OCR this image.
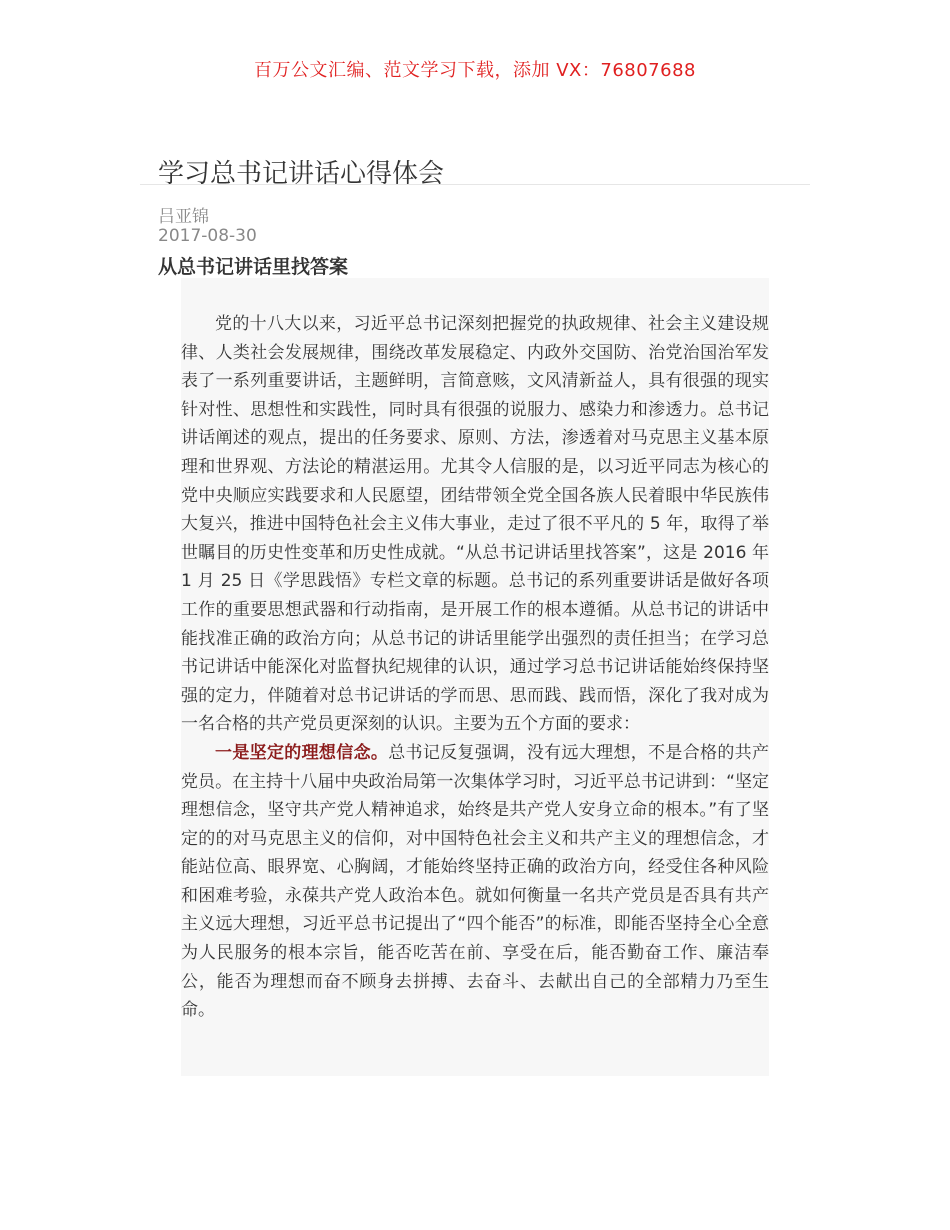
百万公文汇编、范文学习下载，添加 VX：76807688
学习总书记讲话心得体会
吕亚锦
2017-08-30
从总书记讲话里找答案

党的十八大以来，习近平总书记深刻把握党的执政规律、社会主义建设规律、人类社会发展规律，围绕改革发展稳定、内政外交国防、治党治国治军发表了一系列重要讲话，主题鲜明，言简意赅，文风清新益人，具有很强的现实针对性、思想性和实践性，同时具有很强的说服力、感染力和渗透力。总书记讲话阐述的观点，提出的任务要求、原则、方法，渗透着对马克思主义基本原理和世界观、方法论的精湛运用。尤其令人信服的是，以习近平同志为核心的党中央顺应实践要求和人民愿望，团结带领全党全国各族人民着眼中华民族伟大复兴，推进中国特色社会主义伟大事业，走过了很不平凡的 5 年，取得了举世瞩目的历史性变革和历史性成就。“从总书记讲话里找答案”，这是 2016 年 1 月 25 日《学思践悟》专栏文章的标题。总书记的系列重要讲话是做好各项工作的重要思想武器和行动指南，是开展工作的根本遵循。从总书记的讲话中能找准正确的政治方向；从总书记的讲话里能学出强烈的责任担当；在学习总书记讲话中能深化对监督执纪规律的认识，通过学习总书记讲话能始终保持坚强的定力，伴随着对总书记讲话的学而思、思而践、践而悟，深化了我对成为一名合格的共产党员更深刻的认识。主要为五个方面的要求：

一是坚定的理想信念。总书记反复强调，没有远大理想，不是合格的共产党员。在主持十八届中央政治局第一次集体学习时，习近平总书记讲到：“坚定理想信念，坚守共产党人精神追求，始终是共产党人安身立命的根本。”有了坚定的的对马克思主义的信仰，对中国特色社会主义和共产主义的理想信念，才能站位高、眼界宽、心胸阔，才能始终坚持正确的政治方向，经受住各种风险和困难考验，永葆共产党人政治本色。就如何衡量一名共产党员是否具有共产主义远大理想，习近平总书记提出了“四个能否”的标准，即能否坚持全心全意为人民服务的根本宗旨，能否吃苦在前、享受在后，能否勤奋工作、廉洁奉公，能否为理想而奋不顾身去拼搏、去奋斗、去献出自己的全部精力乃至生命。
